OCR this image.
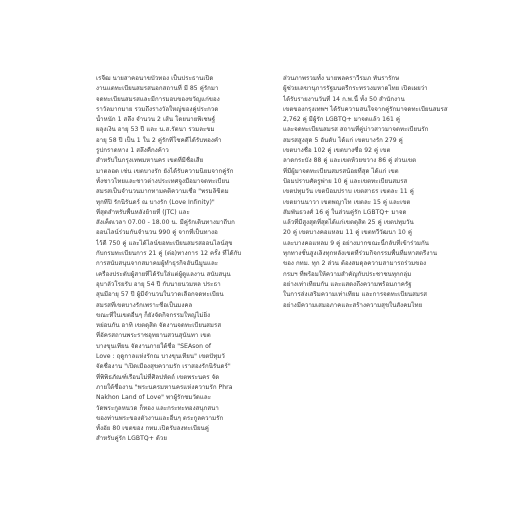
เรจีฒ นายสาคอนาขบัวทอง เป็นประธานเปิด
งานแตทะเบียนสมรสนอกสถานที่ มี 85 คู่รักมา
จดทะเบียนสมรสและมีการมอบของขวัญแก่ของ
ราวัลมากมาย รวมถึงรางวัลใหญ่ของคู่ประกวด
น้ำหนัก 1 สลึง จำนวน 2 เส้น โดยนายพิเชษฐ์
ผลุงเงิน อายุ 53 ปี และ น.ส.รัตนา รวมละขม
อายุ 58 ปี เป็น 1 ใน 2 คู่รักที่โชคดีได้รับทองคำ
รูปกราดหาง 1 สลึงคืกงค้าว

สำหรับในกรุงเทพมหานคร เขตที่มีชื่อเสีย
มาตลอด เช่น เขตบางรัก ยังได้รับความนิยมจากคู่รัก
ทั้งชาวไทยและชาวต่างประเทศจูงมือมาจดทะเบียน
สมรสเป็นจำนวนมากทามคติความเชื่อ "พรมลิขิตม
ทุกทีปิ รักนิรันดร์ ณ บางรัก (Love Infinity)"
ที่สุดสำหรับพื้นหลังย้ายที่ (JTC) และ
สังเค็ดเวลา 07.00 - 18.00 น. มีคู่รักเดินทางมาถีบก
ออนไลน์ร่วมกันจำนวน 990 คู่ จากที่เป็นทางอ
ไว้ดี 750 คู่ และได้ไลน์ขอทะเบียนสมรสออนไลน์สุข
กับกรมทะเบียนการ 21 คู่ (ต่อ)ทางการ 12 ครั้ง ที่ได้กับ
การสนับสนุนจากสมาคมผู้ทำธุรกิจฮันนีมูนและ
เครื่องประดับผู้สายที่ได้รับใส่แต่ผู้ดูแลงาน สนับสนุน
อุบาลัวโรยรับ อายุ 54 ปี กับนายนวมหล ประธา
สุนมีอายุ 57 ปี ผู้มีจำนวนในวาดเลือกจดทะเบียน
สมรสที่เขตบางรักเพราะชื่อเป็นมงคล

ขณะที่ในเขตอื่นๆ ก็ยังจัดกิจกรรมใหญ่ไม่ยิ่ง
หย่อนกัน อาทิ เขตดุสิต จัดงานจดทะเบียนสมรส
ที่อัครสถานพระราชอุทยานสวนสุนันทา เขต
บางขุนเทียน จัดงานภายใต้ชื่อ "SEAson of
Love : ฤดูกาลแห่งรักณ บางขุนเทียน" เขตปัทุมวั
จัดชื่องาน "เปิดเมืองสุขความรัก เราสองรักนิรันดร์"
ที่พิพิธภัณฑ์เรือนไม่ที่ศิลปหัตถ์ เขตพระนคร จัด
ภายใต้ชื่องาน "พระนครมหานครแห่งความรัก Phra
Nakhon Land of Love" พาผู้รักชมวัดและ
วัดพระกูลหนวด ก็ทอง และกระทะทองสนุกสนา
ของท่านพระของตัวงานและอื่นๆ ตระกูลความรัก
ทั้งอัย 80 เขตของ กทม.เปิดรับลงทะเบียนคู่
สำหรับคู่รัก LGBTQ+ ด้วย

ส่วนภาพรวมทั้ง นายพลคราวีรมภ ทันรารักษ
ผู้ช่วยเลขานุการรัฐมนตรีกระทรวงมหาดไทย เปิดเผยว่า
ได้รับรายงานวันที่ 14 ก.พ.นี้ ทั้ง 50 สำนักงาน
เขตของกรุงเทพฯ ได้รับความสนใจจากคู่รักมาจดทะเบียนสมรส
2,762 คู่ มีผู้รัก LGBTQ+ มาจดแล้ว 161 คู่
และจดทะเบียนสมรส สถานที่คู่บ่าวสาวมาจดทะเบียนรัก
สมรสสูงสุด 5 อันดับ ได้แก่ เขตบางรัก 279 คู่
เขตบางชื่อ 102 คู่ เขตบางซื่อ 92 คู่ เขต
ลาดกระบัง 88 คู่ และเขตห้วยขวาง 86 คู่ ส่วนเขต
ที่มีผู้มาจดทะเบียนสมรสน้อยที่สุด ได้แก่ เขต
ป้อมปราบศัตรูพ่าย 10 คู่ และเขตทะเบียนสมรส
เขตปทุมวัน เขตป้อมปราบ เขตสาธร เขตละ 11 คู่
เขตยานนาวา เขตพญาไท เขตละ 15 คู่ และเขต
สัมพันธวงศ์ 16 คู่ ในส่วนคู่รัก LGBTQ+ มาจด
แล้วที่มีสูงสุดที่สุดได้แก่เขตดุสิต 25 คู่ เขตปทุมวัน
20 คู่ เขตบางคอแหลม 11 คู่ เขตทวีวัฒนา 10 คู่
และบางคอแหลม 9 คู่ อย่างมากขณะนี้กลับที่เข้าร่วมกัน
ทุกทางชั้นสูงเลิงทุกหลังเขตที่ร่วมกิจกรรมพื้นที่มหาสตรีงาน
ของ กทม. ทุก 2 ส่วน ต้องสมดุลความสามารถร่วมของ
กรมฯ ที่พร้อมให้ความสำคัญกับประชาชนทุกกลุ่ม
อย่างเท่าเทียมกัน และแสดงถึงความพร้อมภาครัฐ
ในการส่งเสริมความเท่าเทียม และการจดทะเบียนสมรส
อย่างมีความเสมอภาคและสร้างความสุขในสังคมไทย
